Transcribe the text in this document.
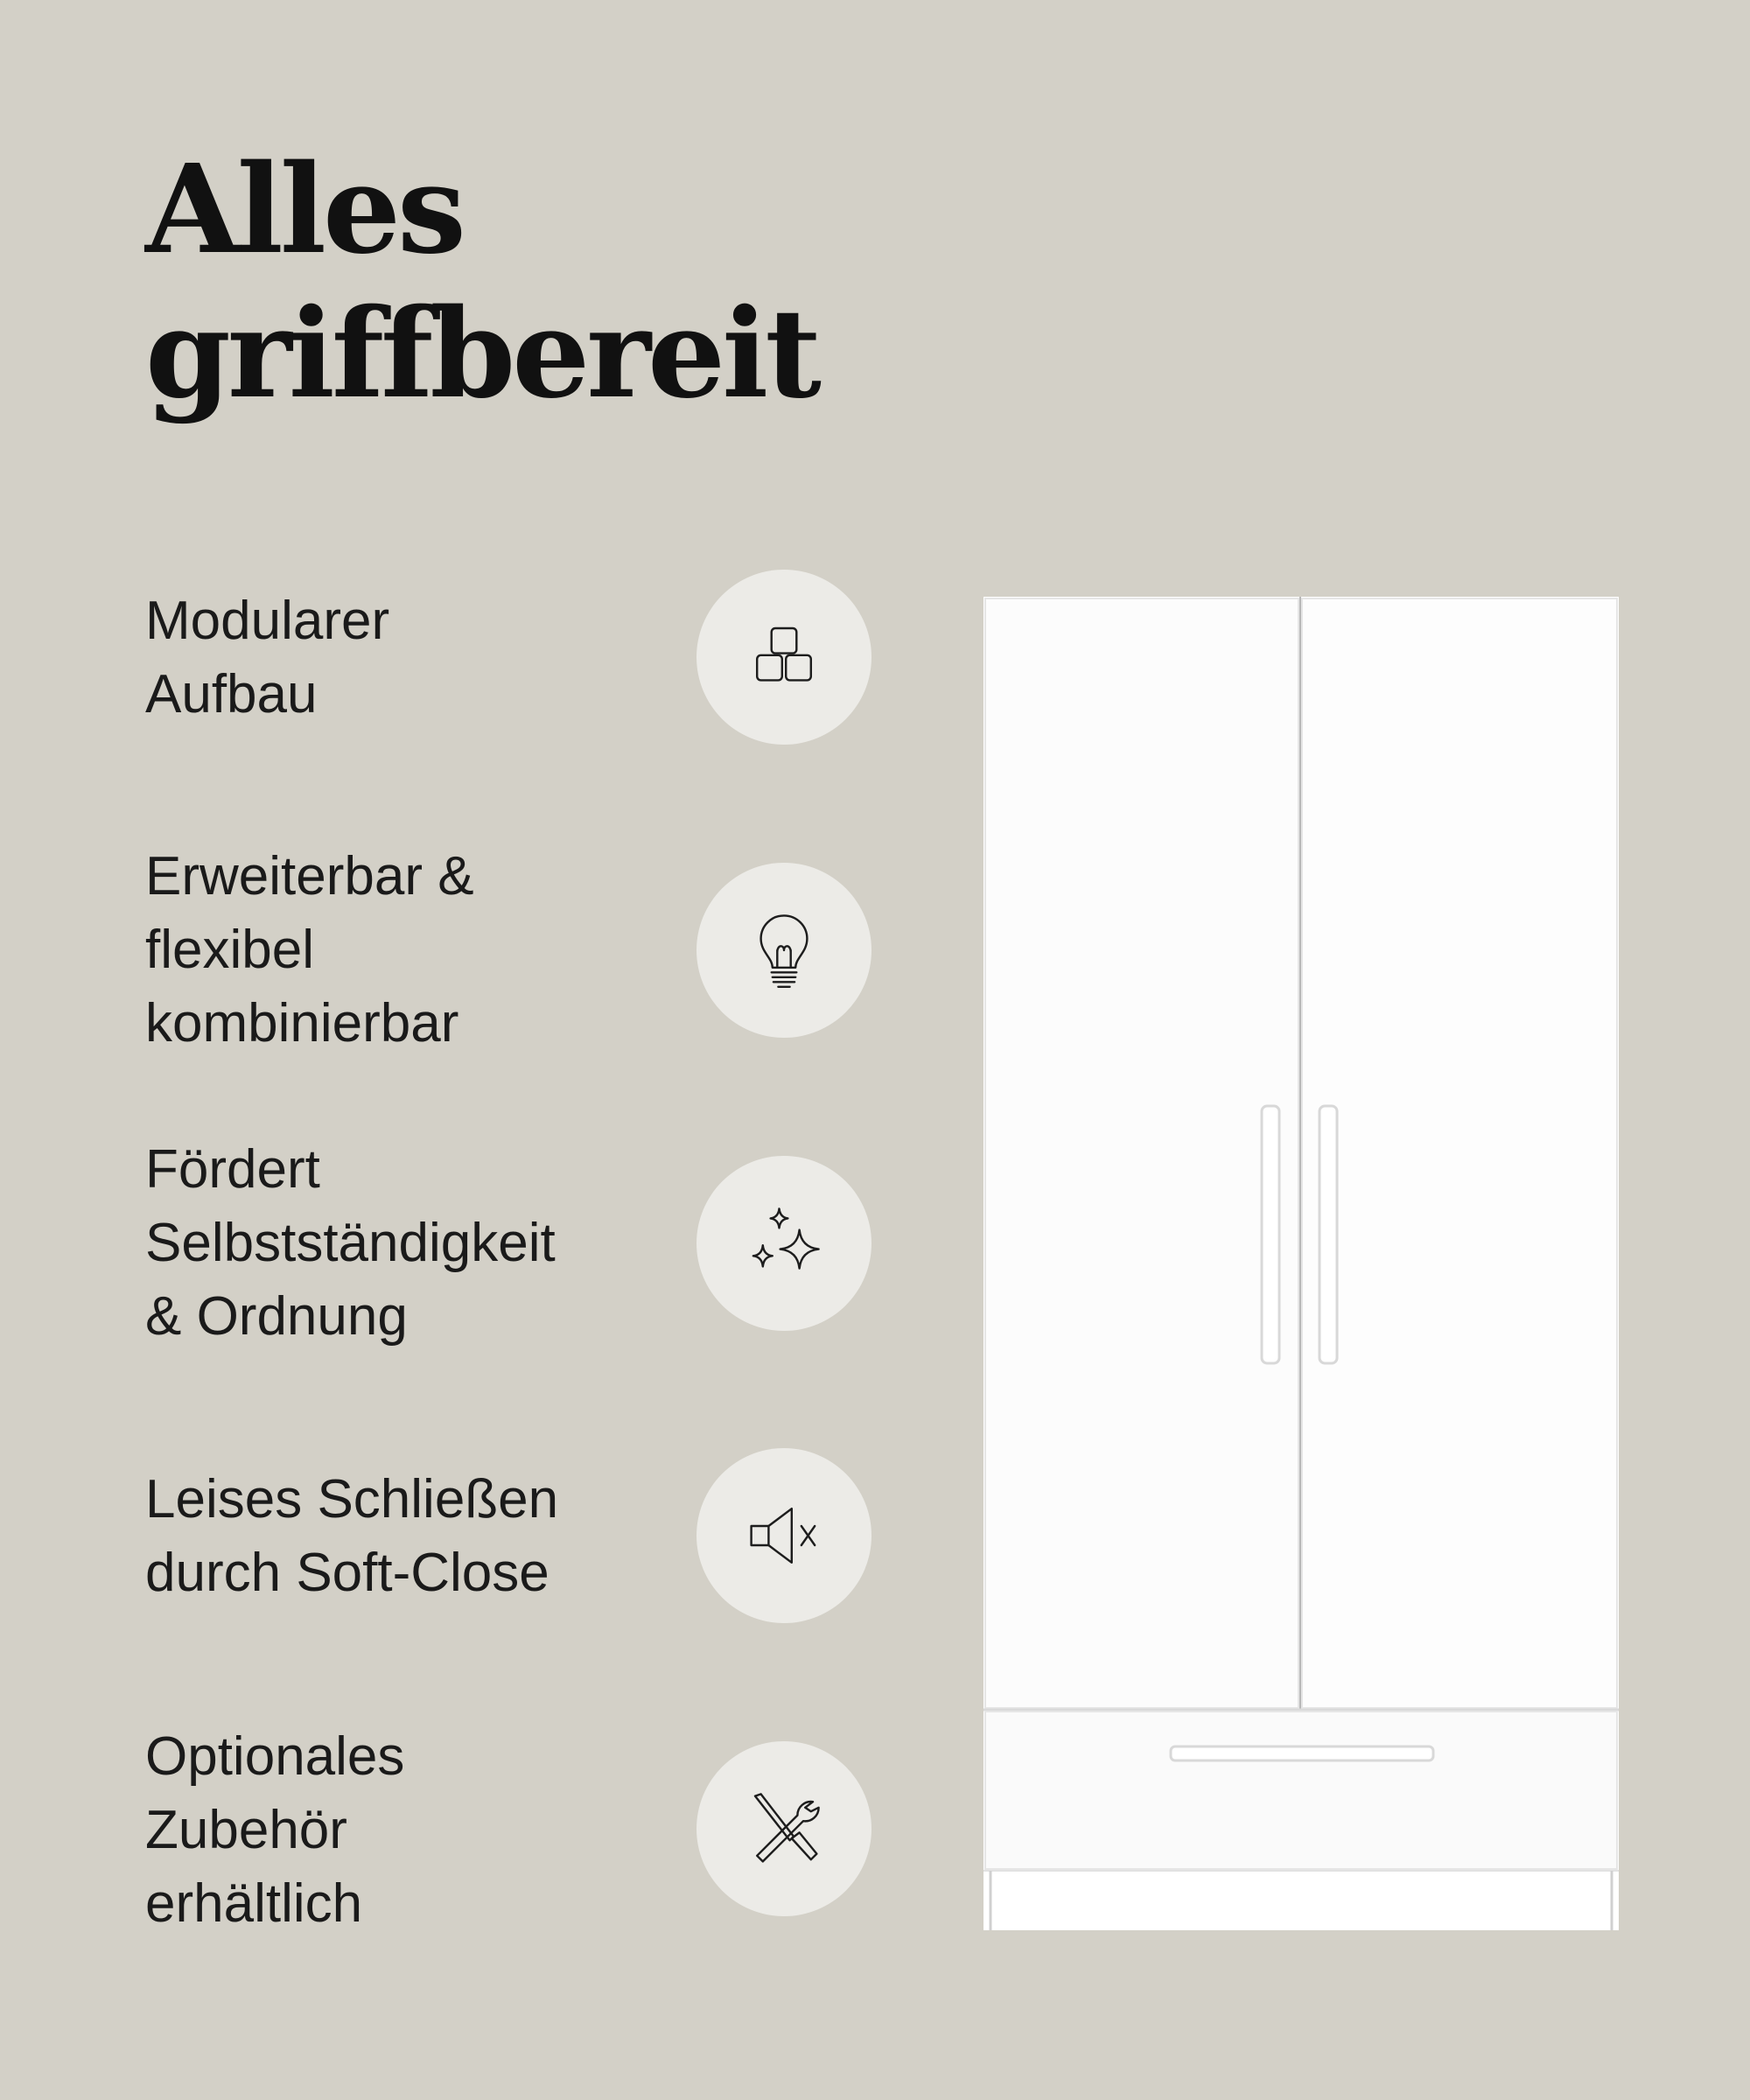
Alles
griffbereit

Modularer
Aufbau

Erweiterbar &
flexibel
kombinierbar

Fördert
Selbstständigkeit
& Ordnung

Leises Schließen
durch Soft-Close

Optionales
Zubehör
erhältlich
